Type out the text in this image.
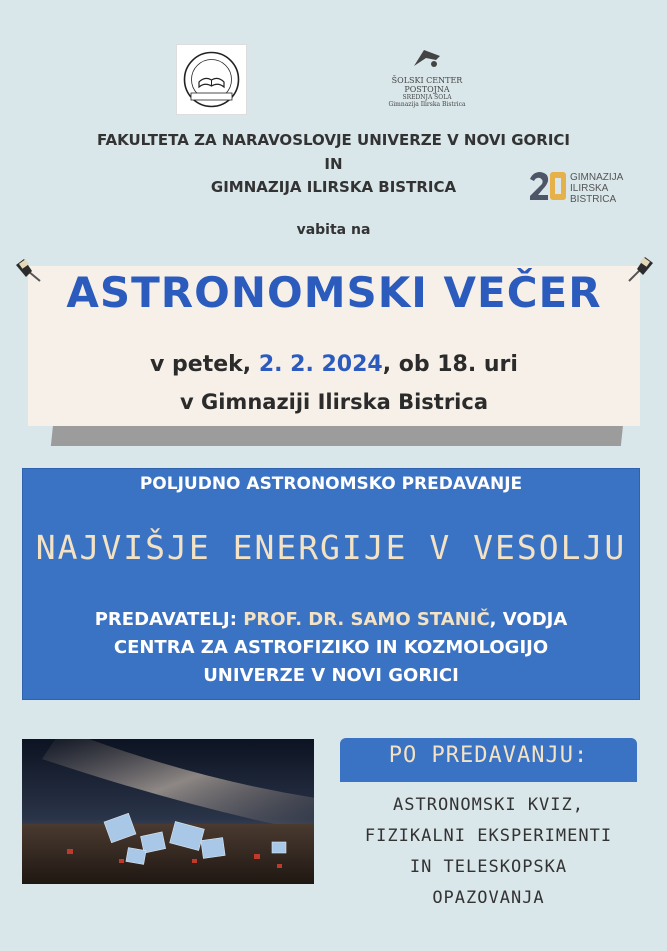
ŠOLSKI CENTER POSTOJNA
SREDNJA ŠOLA
Gimnazija Ilirska Bistrica
FAKULTETA ZA NARAVOSLOVJE UNIVERZE V NOVI GORICI
IN
GIMNAZIJA ILIRSKA BISTRICA
GIMNAZIJA
ILIRSKA
BISTRICA
vabita na
ASTRONOMSKI VEČER
v petek, 2. 2. 2024, ob 18. uri
v Gimnaziji Ilirska Bistrica
POLJUDNO ASTRONOMSKO PREDAVANJE
NAJVIŠJE ENERGIJE V VESOLJU
PREDAVATELJ: PROF. DR. SAMO STANIČ, VODJA
CENTRA ZA ASTROFIZIKO IN KOZMOLOGIJO
UNIVERZE V NOVI GORICI
PO PREDAVANJU:
ASTRONOMSKI KVIZ,
FIZIKALNI EKSPERIMENTI
IN TELESKOPSKA
OPAZOVANJA
